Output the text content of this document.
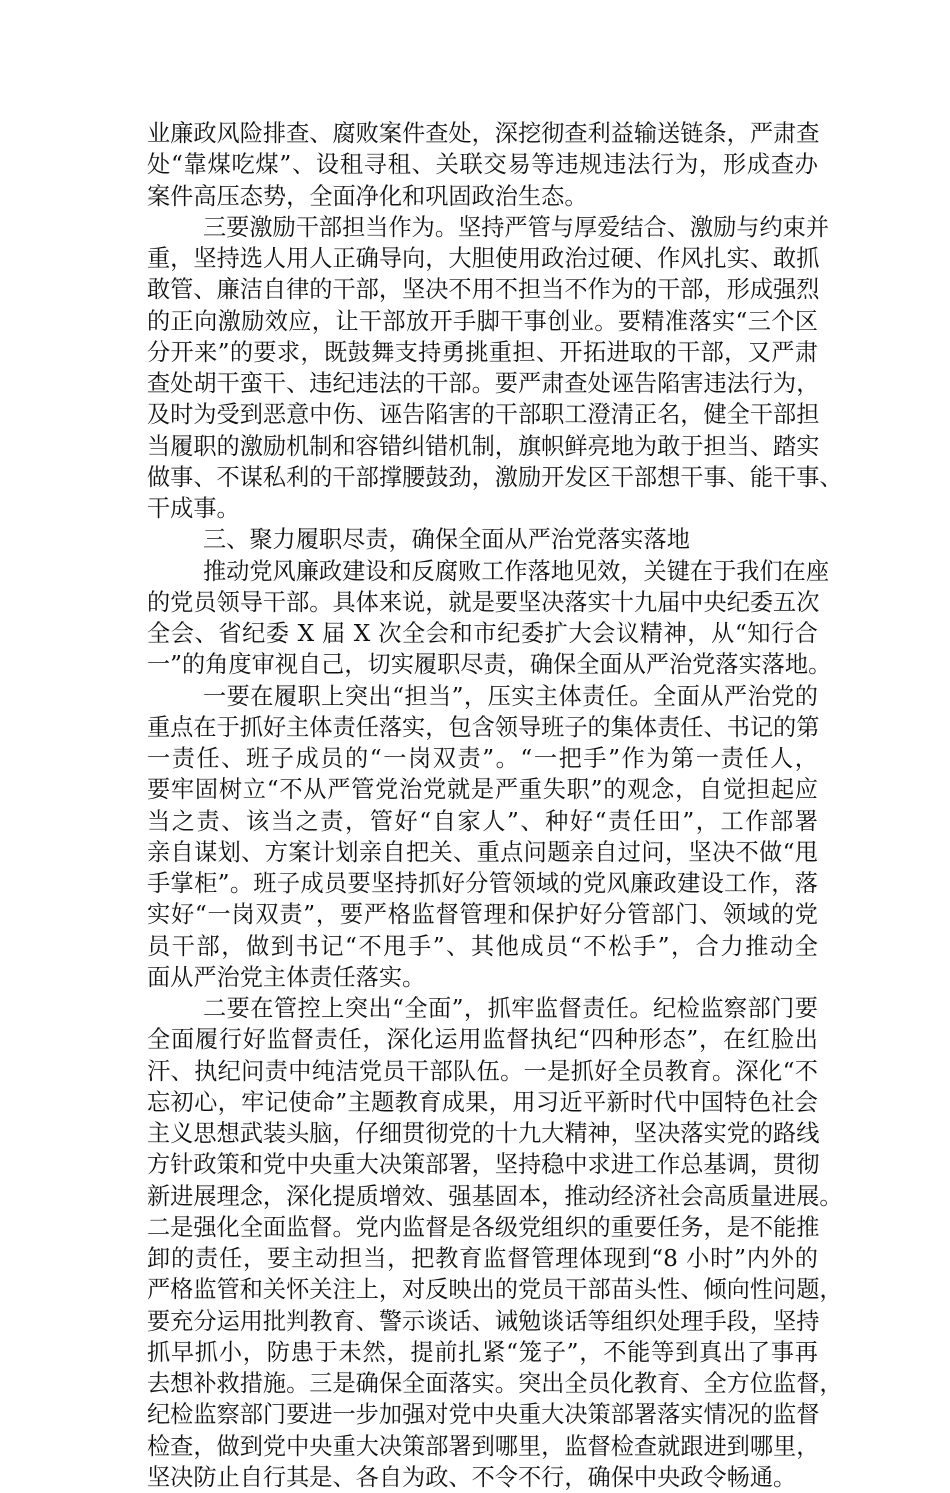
业廉政风险排查、腐败案件查处，深挖彻查利益输送链条，严肃查
处“靠煤吃煤”、设租寻租、关联交易等违规违法行为，形成查办
案件高压态势，全面净化和巩固政治生态。
三要激励干部担当作为。坚持严管与厚爱结合、激励与约束并
重，坚持选人用人正确导向，大胆使用政治过硬、作风扎实、敢抓
敢管、廉洁自律的干部，坚决不用不担当不作为的干部，形成强烈
的正向激励效应，让干部放开手脚干事创业。要精准落实“三个区
分开来”的要求，既鼓舞支持勇挑重担、开拓进取的干部，又严肃
查处胡干蛮干、违纪违法的干部。要严肃查处诬告陷害违法行为，
及时为受到恶意中伤、诬告陷害的干部职工澄清正名，健全干部担
当履职的激励机制和容错纠错机制，旗帜鲜亮地为敢于担当、踏实
做事、不谋私利的干部撑腰鼓劲，激励开发区干部想干事、能干事、
干成事。
三、聚力履职尽责，确保全面从严治党落实落地
推动党风廉政建设和反腐败工作落地见效，关键在于我们在座
的党员领导干部。具体来说，就是要坚决落实十九届中央纪委五次
全会、省纪委 X 届 X 次全会和市纪委扩大会议精神，从“知行合
一”的角度审视自己，切实履职尽责，确保全面从严治党落实落地。
一要在履职上突出“担当”，压实主体责任。全面从严治党的
重点在于抓好主体责任落实，包含领导班子的集体责任、书记的第
一责任、班子成员的“一岗双责”。“一把手”作为第一责任人，
要牢固树立“不从严管党治党就是严重失职”的观念，自觉担起应
当之责、该当之责，管好“自家人”、种好“责任田”，工作部署
亲自谋划、方案计划亲自把关、重点问题亲自过问，坚决不做“甩
手掌柜”。班子成员要坚持抓好分管领域的党风廉政建设工作，落
实好“一岗双责”，要严格监督管理和保护好分管部门、领域的党
员干部，做到书记“不甩手”、其他成员“不松手”，合力推动全
面从严治党主体责任落实。
二要在管控上突出“全面”，抓牢监督责任。纪检监察部门要
全面履行好监督责任，深化运用监督执纪“四种形态”，在红脸出
汗、执纪问责中纯洁党员干部队伍。一是抓好全员教育。深化“不
忘初心，牢记使命”主题教育成果，用习近平新时代中国特色社会
主义思想武装头脑，仔细贯彻党的十九大精神，坚决落实党的路线
方针政策和党中央重大决策部署，坚持稳中求进工作总基调，贯彻
新进展理念，深化提质增效、强基固本，推动经济社会高质量进展。
二是强化全面监督。党内监督是各级党组织的重要任务，是不能推
卸的责任，要主动担当，把教育监督管理体现到“8 小时”内外的
严格监管和关怀关注上，对反映出的党员干部苗头性、倾向性问题，
要充分运用批判教育、警示谈话、诫勉谈话等组织处理手段，坚持
抓早抓小，防患于未然，提前扎紧“笼子”，不能等到真出了事再
去想补救措施。三是确保全面落实。突出全员化教育、全方位监督，
纪检监察部门要进一步加强对党中央重大决策部署落实情况的监督
检查，做到党中央重大决策部署到哪里，监督检查就跟进到哪里，
坚决防止自行其是、各自为政、不令不行，确保中央政令畅通。
